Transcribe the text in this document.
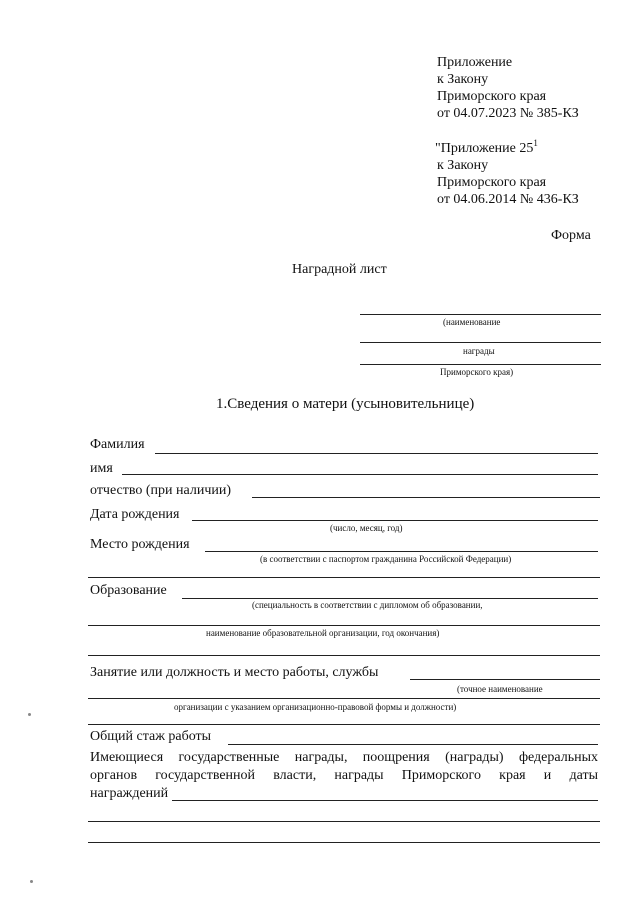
Приложение
к Закону
Приморского края
от 04.07.2023 № 385-КЗ
"Приложение $25^1$
к Закону
Приморского края
от 04.06.2014 № 436-КЗ
Форма
Наградной лист
(наименование
награды
Приморского края)
1.Сведения о матери (усыновительнице)
Фамилия
имя
отчество (при наличии)
Дата рождения
(число, месяц, год)
Место рождения
(в соответствии с паспортом гражданина Российской Федерации)
Образование
(специальность в соответствии с дипломом об образовании,
наименование образовательной организации, год окончания)
Занятие или должность и место работы, службы
(точное наименование
организации с указанием организационно-правовой формы и должности)
Общий стаж работы
Имеющиеся государственные награды, поощрения (награды) федеральных
органов государственной власти, награды Приморского края и даты
награждений
